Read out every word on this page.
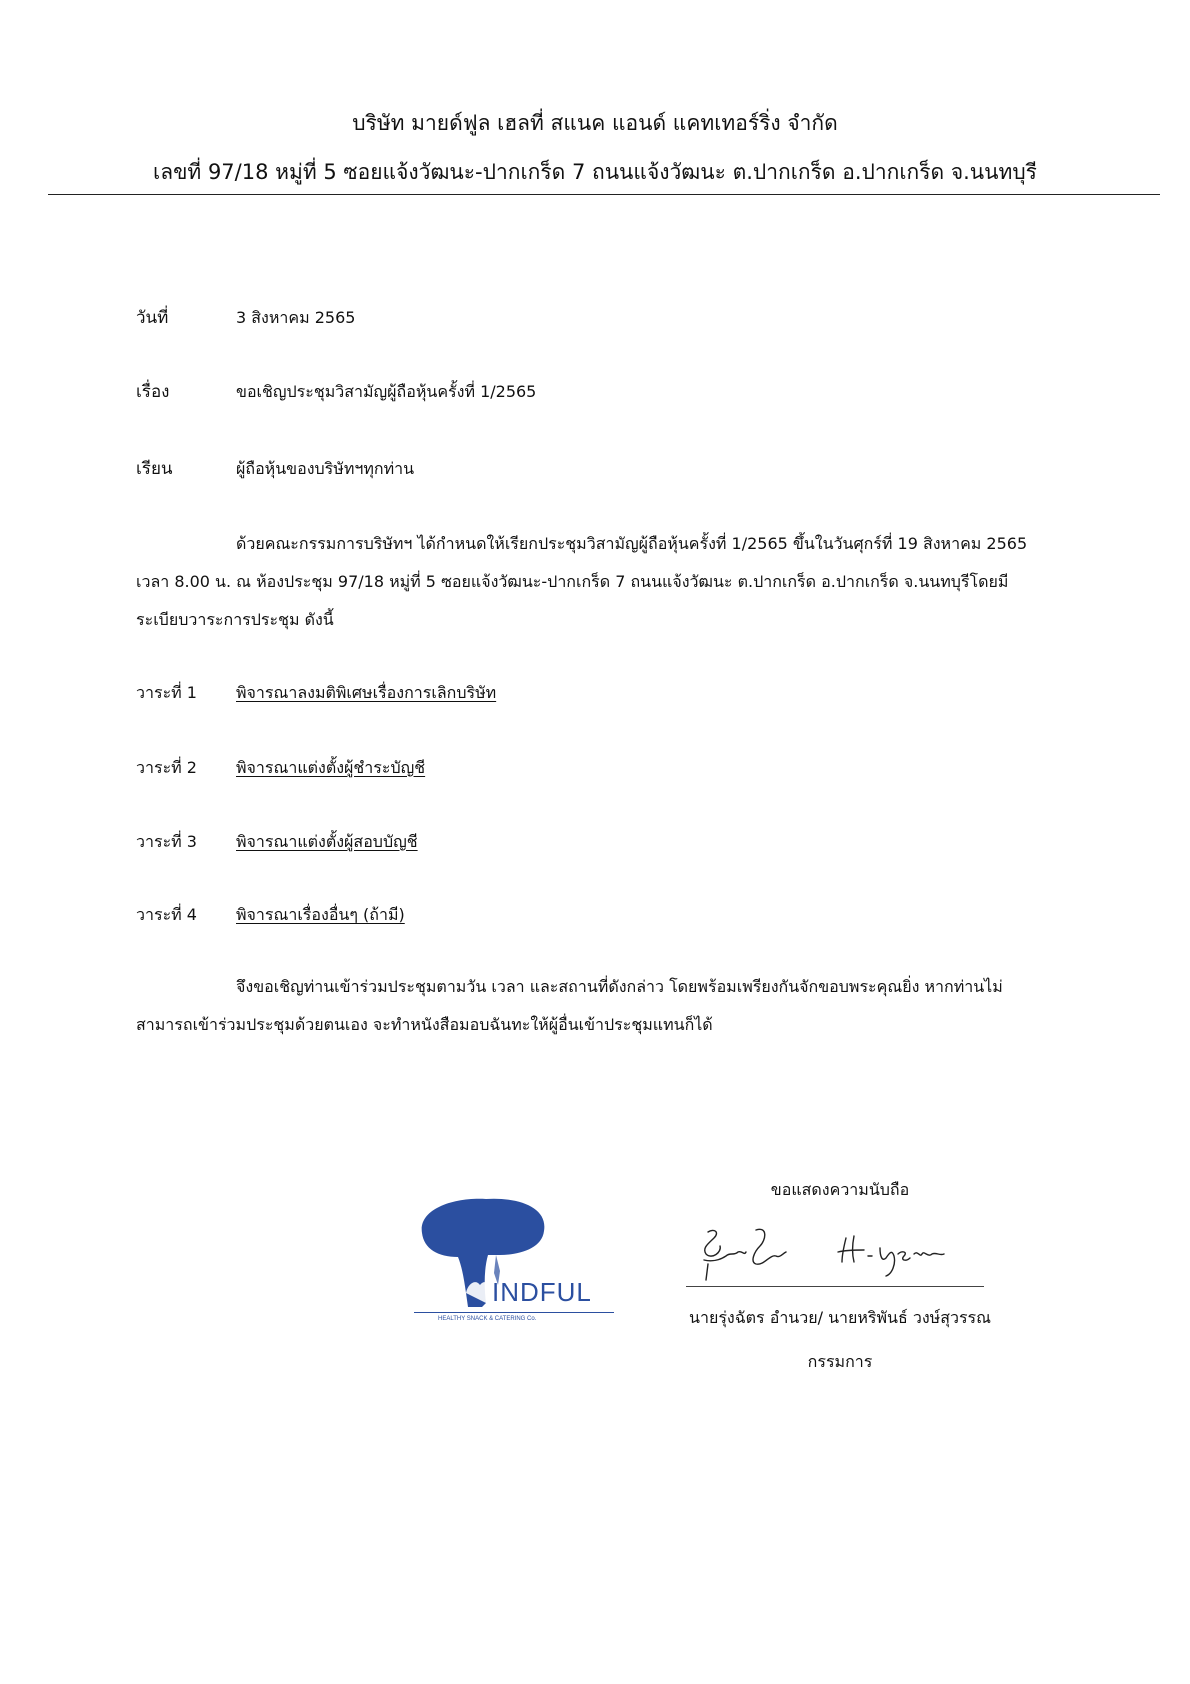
บริษัท มายด์ฟูล เฮลที่ สแนค แอนด์ แคทเทอร์ริ่ง จำกัด
เลขที่ 97/18 หมู่ที่ 5 ซอยแจ้งวัฒนะ-ปากเกร็ด 7 ถนนแจ้งวัฒนะ ต.ปากเกร็ด อ.ปากเกร็ด จ.นนทบุรี
วันที่	3 สิงหาคม 2565
เรื่อง	ขอเชิญประชุมวิสามัญผู้ถือหุ้นครั้งที่ 1/2565
เรียน	ผู้ถือหุ้นของบริษัทฯทุกท่าน
ด้วยคณะกรรมการบริษัทฯ ได้กำหนดให้เรียกประชุมวิสามัญผู้ถือหุ้นครั้งที่ 1/2565 ขึ้นในวันศุกร์ที่ 19 สิงหาคม 2565
เวลา 8.00 น. ณ ห้องประชุม 97/18 หมู่ที่ 5 ซอยแจ้งวัฒนะ-ปากเกร็ด 7 ถนนแจ้งวัฒนะ ต.ปากเกร็ด อ.ปากเกร็ด จ.นนทบุรีโดยมี
ระเบียบวาระการประชุม ดังนี้
วาระที่ 1 พิจารณาลงมติพิเศษเรื่องการเลิกบริษัท
วาระที่ 2 พิจารณาแต่งตั้งผู้ชำระบัญชี
วาระที่ 3 พิจารณาแต่งตั้งผู้สอบบัญชี
วาระที่ 4 พิจารณาเรื่องอื่นๆ (ถ้ามี)
จึงขอเชิญท่านเข้าร่วมประชุมตามวัน เวลา และสถานที่ดังกล่าว โดยพร้อมเพรียงกันจักขอบพระคุณยิ่ง หากท่านไม่
สามารถเข้าร่วมประชุมด้วยตนเอง จะทำหนังสือมอบฉันทะให้ผู้อื่นเข้าประชุมแทนก็ได้
ขอแสดงความนับถือ
INDFUL
HEALTHY SNACK & CATERING Co.	นายรุ่งฉัตร อำนวย/ นายหริพันธ์ วงษ์สุวรรณ
กรรมการ
